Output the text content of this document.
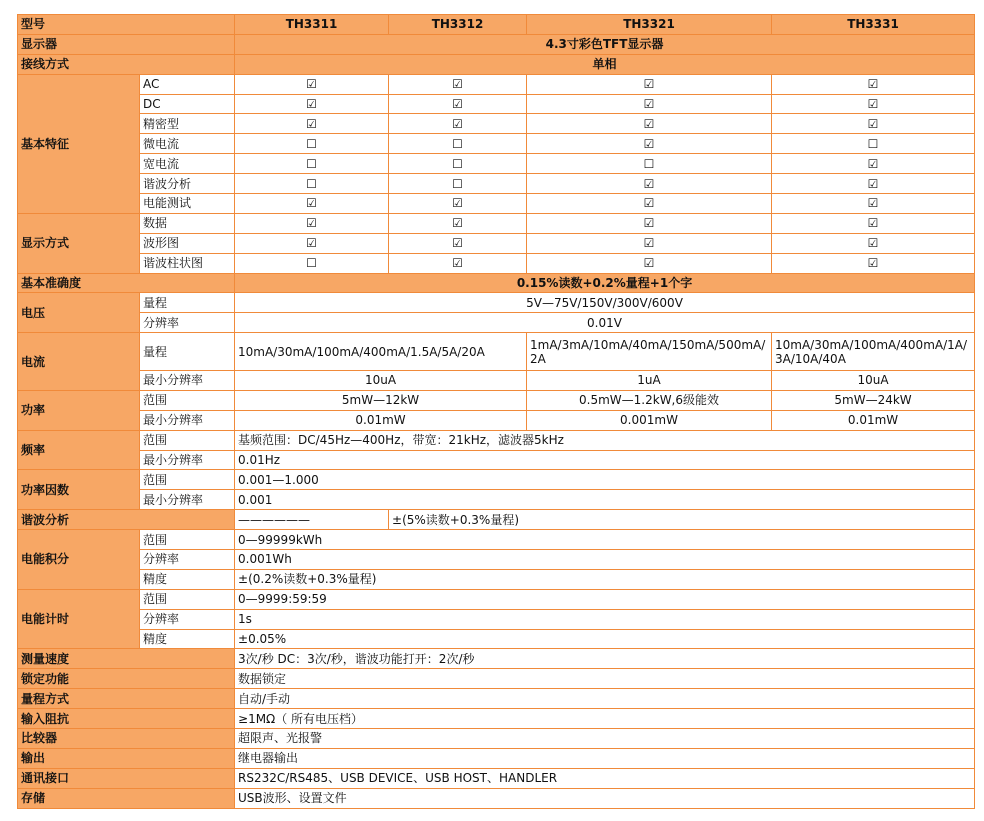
型号		TH3311	TH3312	TH3321	TH3331
显示器		4.3寸彩色TFT显示器			
接线方式		单相			
基本特征	AC	☑	☑	☑	☑
	DC	☑	☑	☑	☑
	精密型	☑	☑	☑	☑
	微电流	☐	☐	☑	☐
	宽电流	☐	☐	☐	☑
	谐波分析	☐	☐	☑	☑
	电能测试	☑	☑	☑	☑
显示方式	数据	☑	☑	☑	☑
	波形图	☑	☑	☑	☑
	谐波柱状图	☐	☑	☑	☑
基本准确度		0.15%读数+0.2%量程+1个字			
电压	量程	5V—75V/150V/300V/600V			
	分辨率	0.01V			
电流	量程	10mA/30mA/100mA/400mA/1.5A/5A/20A		1mA/3mA/10mA/40mA/150mA/500mA/2A	10mA/30mA/100mA/400mA/1A/3A/10A/40A
	最小分辨率	10uA		1uA	10uA
功率	范围	5mW—12kW		0.5mW—1.2kW,6级能效	5mW—24kW
	最小分辨率	0.01mW		0.001mW	0.01mW
频率	范围	基频范围：DC/45Hz—400Hz，带宽：21kHz，滤波器5kHz			
	最小分辨率	0.01Hz			
功率因数	范围	0.001—1.000			
	最小分辨率	0.001			
谐波分析		——————	±(5%读数+0.3%量程)		
电能积分	范围	0—99999kWh			
	分辨率	0.001Wh			
	精度	±(0.2%读数+0.3%量程)			
电能计时	范围	0—9999:59:59			
	分辨率	1s			
	精度	±0.05%			
测量速度		3次/秒 DC：3次/秒，谐波功能打开：2次/秒			
锁定功能		数据锁定			
量程方式		自动/手动			
输入阻抗		≥1MΩ（ 所有电压档）			
比较器		超限声、光报警			
输出		继电器输出			
通讯接口		RS232C/RS485、USB DEVICE、USB HOST、HANDLER			
存储		USB波形、设置文件			
